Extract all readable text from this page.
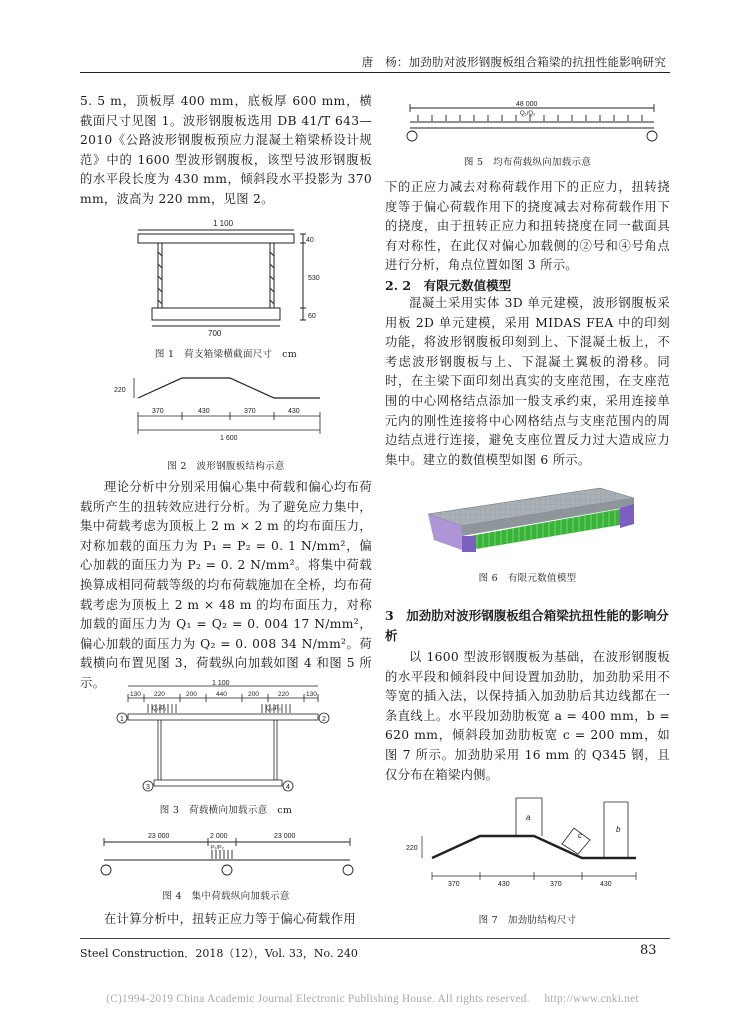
唐　杨：加劲肋对波形钢腹板组合箱梁的抗扭性能影响研究
5. 5 m，顶板厚 400 mm，底板厚 600 mm，横截面尺寸见图 1。波形钢腹板选用 DB 41/T 643—2010《公路波形钢腹板预应力混凝土箱梁桥设计规范》中的 1600 型波形钢腹板，该型号波形钢腹板的水平段长度为 430 mm，倾斜段水平投影为 370 mm，波高为 220 mm，见图 2。
1 100
40
530
60
700
图 1　荷支箱梁横截面尺寸　cm
220
370	430	370	430
1 600
图 2　波形钢腹板结构示意
理论分析中分别采用偏心集中荷载和偏心均布荷载所产生的扭转效应进行分析。为了避免应力集中，集中荷载考虑为顶板上 2 m × 2 m 的均布面压力，对称加载的面压力为 P₁ = P₂ = 0. 1 N/mm²，偏心加载的面压力为 P₂ = 0. 2 N/mm²。将集中荷载换算成相同荷载等级的均布荷载施加在全桥，均布荷载考虑为顶板上 2 m × 48 m 的均布面压力，对称加载的面压力为 Q₁ = Q₂ = 0. 004 17 N/mm²，偏心加载的面压力为 Q₂ = 0. 008 34 N/mm²。荷载横向布置见图 3，荷载纵向加载如图 4 和图 5 所示。	1 100
130 220	200	440	200	220	130
Q₁/P₁	Q₂/P₂
1	2
3	4
图 3　荷载横向加载示意　cm
23 000	2 000	23 000
P₁/P₂
图 4　集中荷载纵向加载示意
在计算分析中，扭转正应力等于偏心荷载作用
48 000
Q₁/Q₂
图 5　均布荷载纵向加载示意
下的正应力减去对称荷载作用下的正应力，扭转挠度等于偏心荷载作用下的挠度减去对称荷载作用下的挠度，由于扭转正应力和扭转挠度在同一截面具有对称性，在此仅对偏心加载侧的②号和④号角点进行分析，角点位置如图 3 所示。
2. 2　有限元数值模型
混凝土采用实体 3D 单元建模，波形钢腹板采用板 2D 单元建模，采用 MIDAS FEA 中的印刻功能，将波形钢腹板印刻到上、下混凝土板上，不考虑波形钢腹板与上、下混凝土翼板的滑移。同时，在主梁下面印刻出真实的支座范围，在支座范围的中心网格结点添加一般支承约束，采用连接单元内的刚性连接将中心网格结点与支座范围内的周边结点进行连接，避免支座位置反力过大造成应力集中。建立的数值模型如图 6 所示。
图 6　有限元数值模型
3　加劲肋对波形钢腹板组合箱梁抗扭性能的影响分析
以 1600 型波形钢腹板为基础，在波形钢腹板的水平段和倾斜段中间设置加劲肋，加劲肋采用不等宽的插入法，以保持插入加劲肋后其边线都在一条直线上。水平段加劲肋板宽 a = 400 mm，b = 620 mm，倾斜段加劲肋板宽 c = 200 mm，如图 7 所示。加劲肋采用 16 mm 的 Q345 钢，且仅分布在箱梁内侧。
220
a
c
b
370	430	370	430
图 7　加劲肋结构尺寸
Steel Construction．2018（12），Vol. 33，No. 240	83
(C)1994-2019 China Academic Journal Electronic Publishing House. All rights reserved.　 http://www.cnki.net
